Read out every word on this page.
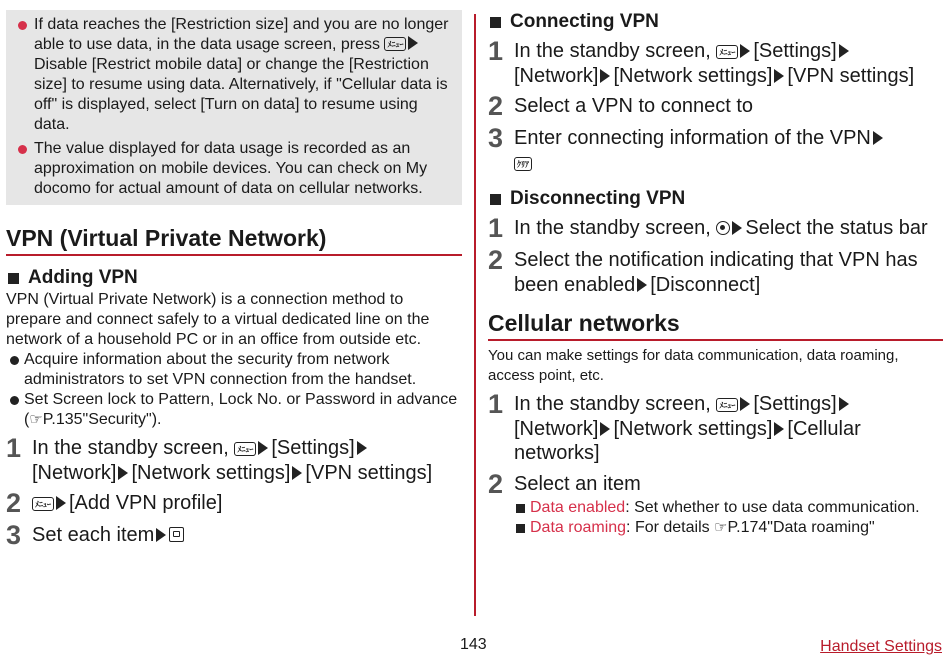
If data reaches the [Restriction size] and you are no longer able to use data, in the data usage screen, press ﾒﾆｭｰDisable [Restrict mobile data] or change the [Restriction size] to resume using data. Alternatively, if "Cellular data is off" is displayed, select [Turn on data] to resume using data.
The value displayed for data usage is recorded as an approximation on mobile devices. You can check on My docomo for actual amount of data on cellular networks.
VPN (Virtual Private Network)
Adding VPN
VPN (Virtual Private Network) is a connection method to prepare and connect safely to a virtual dedicated line on the network of a household PC or in an office from outside etc.
Acquire information about the security from network administrators to set VPN connection from the handset.
Set Screen lock to Pattern, Lock No. or Password in advance (☞P.135"Security").
1 In the standby screen, ﾒﾆｭｰ [Settings]
[Network] [Network settings] [VPN settings]
2	ﾒﾆｭｰ [Add VPN profile]
3 Set each item
Connecting VPN
1 In the standby screen, ﾒﾆｭｰ [Settings]
[Network] [Network settings] [VPN settings]
2 Select a VPN to connect to
3 Enter connecting information of the VPN
ｸﾘｱ
Disconnecting VPN
1 In the standby screen, Select the status bar
2 Select the notification indicating that VPN has been enabled [Disconnect]
Cellular networks
You can make settings for data communication, data roaming, access point, etc.
1 In the standby screen, ﾒﾆｭｰ [Settings]
[Network] [Network settings] [Cellular networks]
2 Select an item
Data enabled: Set whether to use data communication.
Data roaming: For details ☞P.174"Data roaming"
143	Handset Settings
